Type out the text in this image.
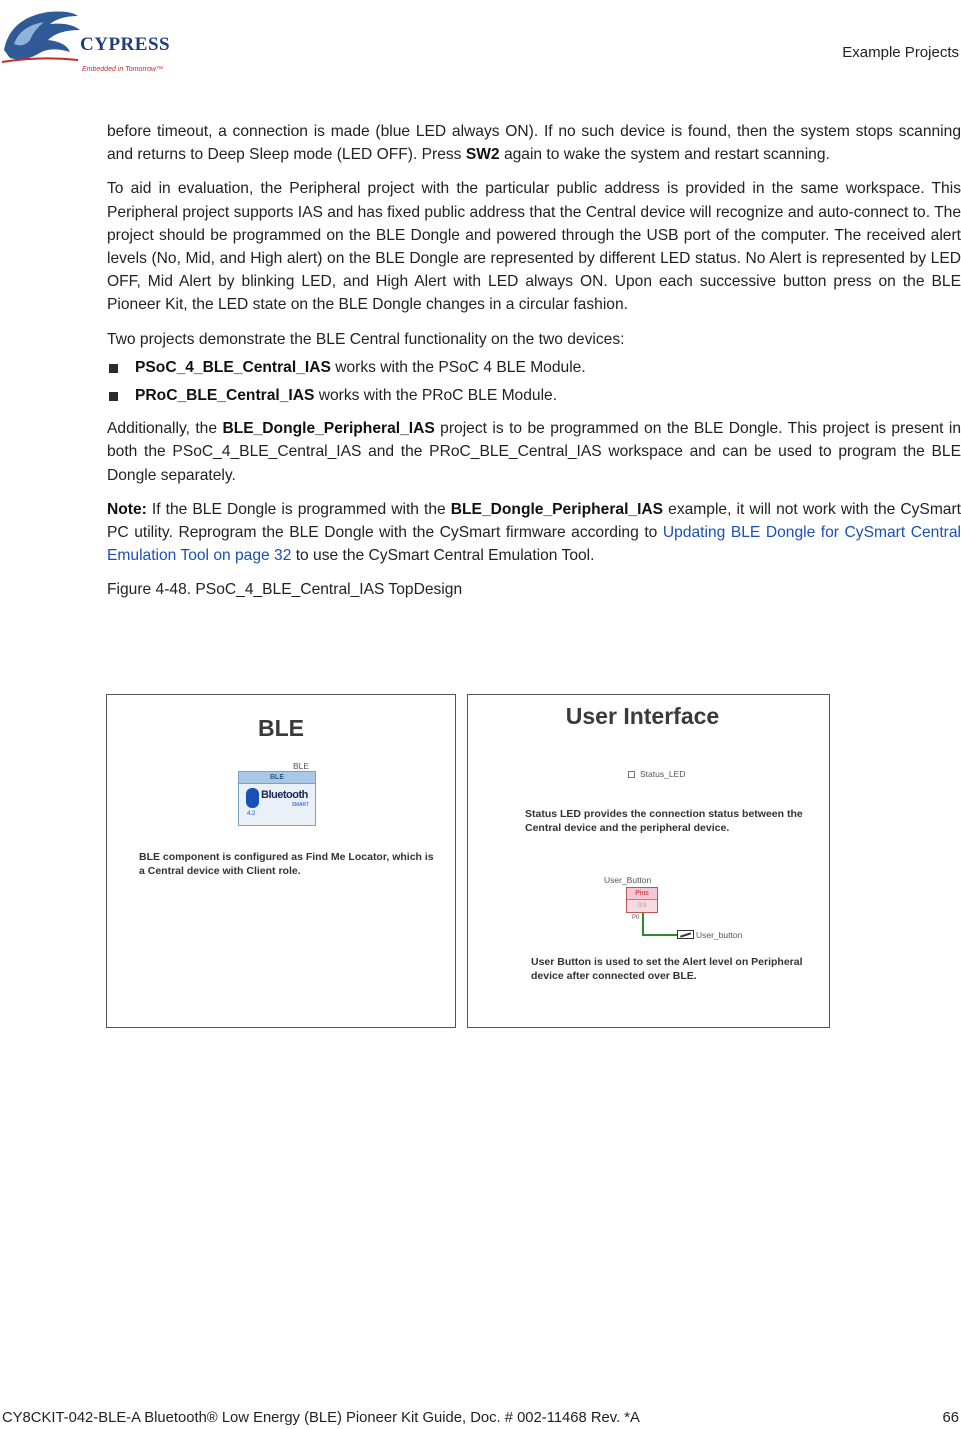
CYPRESS
Embedded in Tomorrow™
Example Projects

before timeout, a connection is made (blue LED always ON). If no such device is found, then the system stops scanning and returns to Deep Sleep mode (LED OFF). Press SW2 again to wake the system and restart scanning.

To aid in evaluation, the Peripheral project with the particular public address is provided in the same workspace. This Peripheral project supports IAS and has fixed public address that the Central device will recognize and auto-connect to. The project should be programmed on the BLE Dongle and powered through the USB port of the computer. The received alert levels (No, Mid, and High alert) on the BLE Dongle are represented by different LED status. No Alert is represented by LED OFF, Mid Alert by blinking LED, and High Alert with LED always ON. Upon each successive button press on the BLE Pioneer Kit, the LED state on the BLE Dongle changes in a circular fashion.

Two projects demonstrate the BLE Central functionality on the two devices:

PSoC_4_BLE_Central_IAS works with the PSoC 4 BLE Module.
PRoC_BLE_Central_IAS works with the PRoC BLE Module.

Additionally, the BLE_Dongle_Peripheral_IAS project is to be programmed on the BLE Dongle. This project is present in both the PSoC_4_BLE_Central_IAS and the PRoC_BLE_Central_IAS workspace and can be used to program the BLE Dongle separately.

Note: If the BLE Dongle is programmed with the BLE_Dongle_Peripheral_IAS example, it will not work with the CySmart PC utility. Reprogram the BLE Dongle with the CySmart firmware according to Updating BLE Dongle for CySmart Central Emulation Tool on page 32 to use the CySmart Central Emulation Tool.

Figure 4-48. PSoC_4_BLE_Central_IAS TopDesign

BLE
BLE
BLE
Bluetooth
SMART
4.2
BLE component is configured as Find Me Locator, which is a Central device with Client role.
User Interface
Status_LED
Status LED provides the connection status between the Central device and the peripheral device.
User_Button
Pins
0:0
P0
User_button
User Button is used to set the Alert level on Peripheral device after connected over BLE.
CY8CKIT-042-BLE-A Bluetooth® Low Energy (BLE) Pioneer Kit Guide, Doc. # 002-11468 Rev. *A	66
